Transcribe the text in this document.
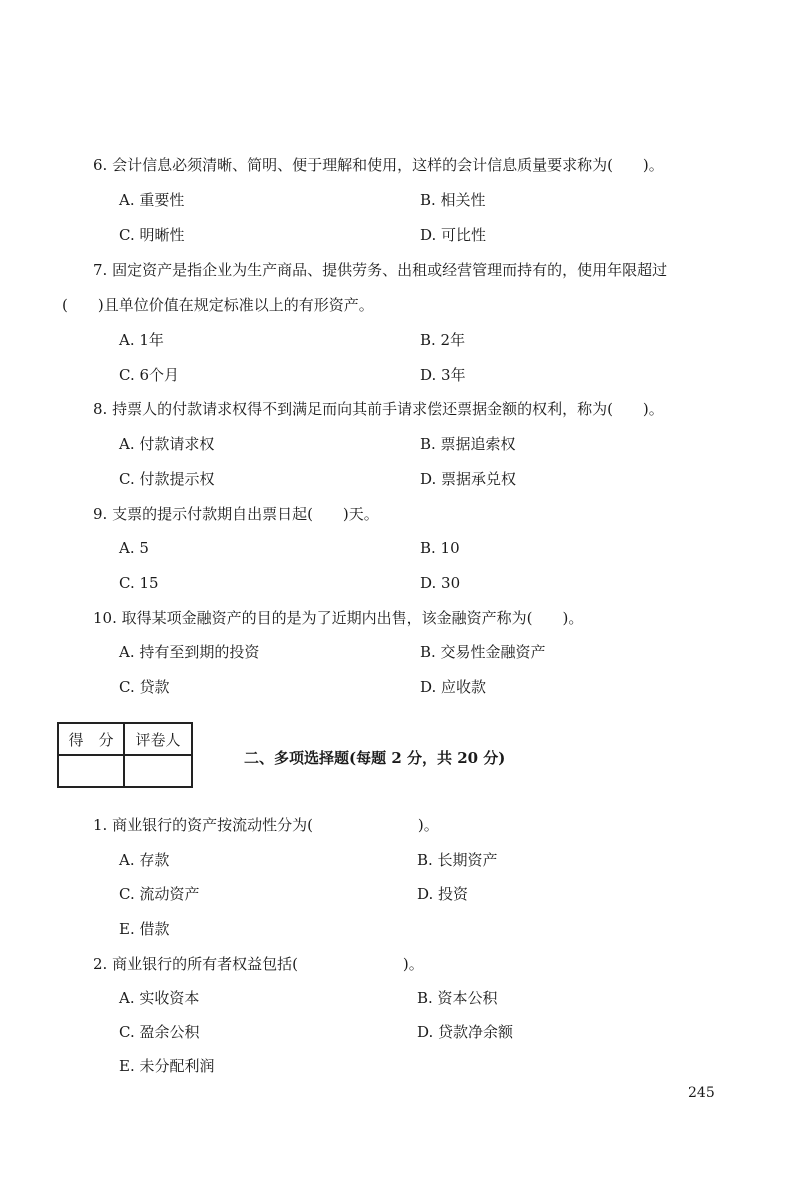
6. 会计信息必须清晰、简明、便于理解和使用，这样的会计信息质量要求称为(　　)。
A. 重要性	B. 相关性
C. 明晰性	D. 可比性
7. 固定资产是指企业为生产商品、提供劳务、出租或经营管理而持有的，使用年限超过
(　　)且单位价值在规定标准以上的有形资产。
A. 1年	B. 2年
C. 6个月	D. 3年
8. 持票人的付款请求权得不到满足而向其前手请求偿还票据金额的权利，称为(　　)。
A. 付款请求权	B. 票据追索权
C. 付款提示权	D. 票据承兑权
9. 支票的提示付款期自出票日起(　　)天。
A. 5	B. 10
C. 15	D. 30
10. 取得某项金融资产的目的是为了近期内出售，该金融资产称为(　　)。
A. 持有至到期的投资	B. 交易性金融资产
C. 贷款	D. 应收款
得　分	评卷人

二、多项选择题(每题 2 分，共 20 分)
1. 商业银行的资产按流动性分为(　　　　　　　)。
A. 存款	B. 长期资产
C. 流动资产	D. 投资
E. 借款
2. 商业银行的所有者权益包括(　　　　　　　)。
A. 实收资本	B. 资本公积
C. 盈余公积	D. 贷款净余额
E. 未分配利润
245
